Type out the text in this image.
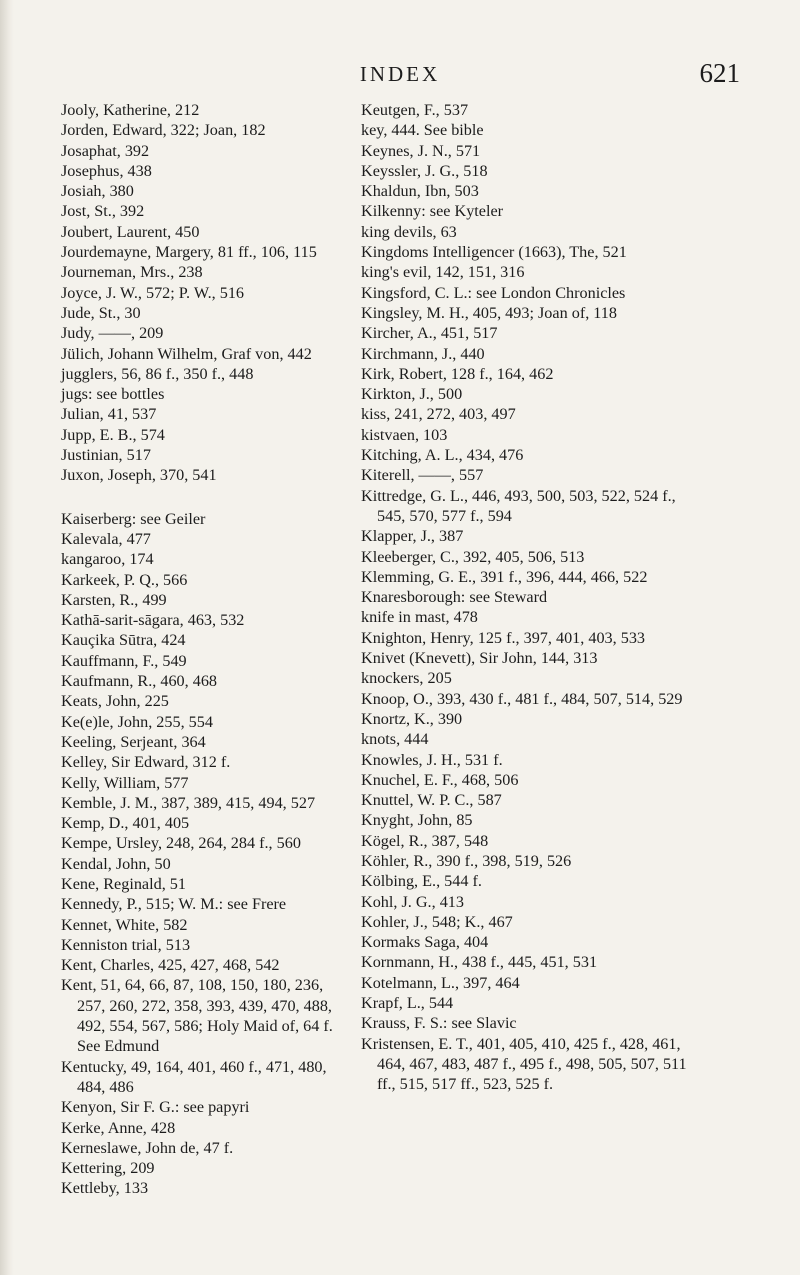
INDEX	621
Jooly, Katherine, 212
Jorden, Edward, 322; Joan, 182
Josaphat, 392
Josephus, 438
Josiah, 380
Jost, St., 392
Joubert, Laurent, 450
Jourdemayne, Margery, 81 ff., 106, 115
Journeman, Mrs., 238
Joyce, J. W., 572; P. W., 516
Jude, St., 30
Judy, ——, 209
Jülich, Johann Wilhelm, Graf von, 442
jugglers, 56, 86 f., 350 f., 448
jugs: see bottles
Julian, 41, 537
Jupp, E. B., 574
Justinian, 517
Juxon, Joseph, 370, 541
Kaiserberg: see Geiler
Kalevala, 477
kangaroo, 174
Karkeek, P. Q., 566
Karsten, R., 499
Kathā-sarit-sāgara, 463, 532
Kauçika Sūtra, 424
Kauffmann, F., 549
Kaufmann, R., 460, 468
Keats, John, 225
Ke(e)le, John, 255, 554
Keeling, Serjeant, 364
Kelley, Sir Edward, 312 f.
Kelly, William, 577
Kemble, J. M., 387, 389, 415, 494, 527
Kemp, D., 401, 405
Kempe, Ursley, 248, 264, 284 f., 560
Kendal, John, 50
Kene, Reginald, 51
Kennedy, P., 515; W. M.: see Frere
Kennet, White, 582
Kenniston trial, 513
Kent, Charles, 425, 427, 468, 542
Kent, 51, 64, 66, 87, 108, 150, 180, 236, 257, 260, 272, 358, 393, 439, 470, 488, 492, 554, 567, 586; Holy Maid of, 64 f. See Edmund
Kentucky, 49, 164, 401, 460 f., 471, 480, 484, 486
Kenyon, Sir F. G.: see papyri
Kerke, Anne, 428
Kerneslawe, John de, 47 f.
Kettering, 209
Kettleby, 133
Keutgen, F., 537
key, 444. See bible
Keynes, J. N., 571
Keyssler, J. G., 518
Khaldun, Ibn, 503
Kilkenny: see Kyteler
king devils, 63
Kingdoms Intelligencer (1663), The, 521
king's evil, 142, 151, 316
Kingsford, C. L.: see London Chronicles
Kingsley, M. H., 405, 493; Joan of, 118
Kircher, A., 451, 517
Kirchmann, J., 440
Kirk, Robert, 128 f., 164, 462
Kirkton, J., 500
kiss, 241, 272, 403, 497
kistvaen, 103
Kitching, A. L., 434, 476
Kiterell, ——, 557
Kittredge, G. L., 446, 493, 500, 503, 522, 524 f., 545, 570, 577 f., 594
Klapper, J., 387
Kleeberger, C., 392, 405, 506, 513
Klemming, G. E., 391 f., 396, 444, 466, 522
Knaresborough: see Steward
knife in mast, 478
Knighton, Henry, 125 f., 397, 401, 403, 533
Knivet (Knevett), Sir John, 144, 313
knockers, 205
Knoop, O., 393, 430 f., 481 f., 484, 507, 514, 529
Knortz, K., 390
knots, 444
Knowles, J. H., 531 f.
Knuchel, E. F., 468, 506
Knuttel, W. P. C., 587
Knyght, John, 85
Kögel, R., 387, 548
Köhler, R., 390 f., 398, 519, 526
Kölbing, E., 544 f.
Kohl, J. G., 413
Kohler, J., 548; K., 467
Kormaks Saga, 404
Kornmann, H., 438 f., 445, 451, 531
Kotelmann, L., 397, 464
Krapf, L., 544
Krauss, F. S.: see Slavic
Kristensen, E. T., 401, 405, 410, 425 f., 428, 461, 464, 467, 483, 487 f., 495 f., 498, 505, 507, 511 ff., 515, 517 ff., 523, 525 f.
